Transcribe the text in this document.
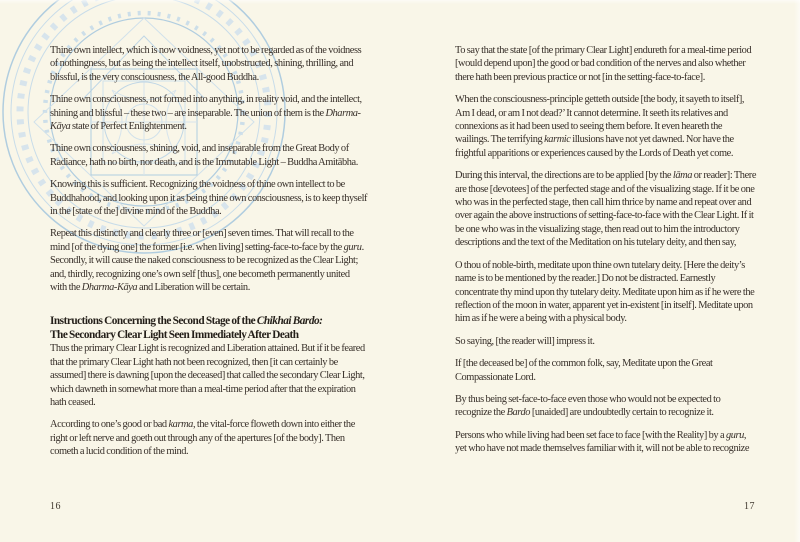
Thine own intellect, which is now voidness, yet not to be regarded as of the voidness of nothingness, but as being the intellect itself, unobstructed, shining, thrilling, and blissful, is the very consciousness, the All-good Buddha.

Thine own consciousness, not formed into anything, in reality void, and the intellect, shining and blissful – these two – are inseparable. The union of them is the Dharma-Kāya state of Perfect Enlightenment.

Thine own consciousness, shining, void, and inseparable from the Great Body of Radiance, hath no birth, nor death, and is the Immutable Light – Buddha Amitābha.

Knowing this is sufficient. Recognizing the voidness of thine own intellect to be Buddhahood, and looking upon it as being thine own consciousness, is to keep thyself in the [state of the] divine mind of the Buddha.

Repeat this distinctly and clearly three or [even] seven times. That will recall to the mind [of the dying one] the former [i.e. when living] setting-face-to-face by the guru. Secondly, it will cause the naked consciousness to be recognized as the Clear Light; and, thirdly, recognizing one’s own self [thus], one becometh permanently united with the Dharma-Kāya and Liberation will be certain.

Instructions Concerning the Second Stage of the Chikhai Bardo:
The Secondary Clear Light Seen Immediately After Death

Thus the primary Clear Light is recognized and Liberation attained. But if it be feared that the primary Clear Light hath not been recognized, then [it can certainly be assumed] there is dawning [upon the deceased] that called the secondary Clear Light, which dawneth in somewhat more than a meal-time period after that the expiration hath ceased.

According to one’s good or bad karma, the vital-force floweth down into either the right or left nerve and goeth out through any of the apertures [of the body]. Then cometh a lucid condition of the mind.

To say that the state [of the primary Clear Light] endureth for a meal-time period [would depend upon] the good or bad condition of the nerves and also whether there hath been previous practice or not [in the setting-face-to-face].

When the consciousness-principle getteth outside [the body, it sayeth to itself], Am I dead, or am I not dead?’ It cannot determine. It seeth its relatives and connexions as it had been used to seeing them before. It even heareth the wailings. The terrifying karmic illusions have not yet dawned. Nor have the frightful apparitions or experiences caused by the Lords of Death yet come.

During this interval, the directions are to be applied [by the lāma or reader]: There are those [devotees] of the perfected stage and of the visualizing stage. If it be one who was in the perfected stage, then call him thrice by name and repeat over and over again the above instructions of setting-face-to-face with the Clear Light. If it be one who was in the visualizing stage, then read out to him the introductory descriptions and the text of the Meditation on his tutelary deity, and then say,

O thou of noble-birth, meditate upon thine own tutelary deity. [Here the deity’s name is to be mentioned by the reader.] Do not be distracted. Earnestly concentrate thy mind upon thy tutelary deity. Meditate upon him as if he were the reflection of the moon in water, apparent yet in-existent [in itself]. Meditate upon him as if he were a being with a physical body.

So saying, [the reader will] impress it.

If [the deceased be] of the common folk, say, Meditate upon the Great Compassionate Lord.

By thus being set-face-to-face even those who would not be expected to recognize the Bardo [unaided] are undoubtedly certain to recognize it.

Persons who while living had been set face to face [with the Reality] by a guru, yet who have not made themselves familiar with it, will not be able to recognize

16	17
